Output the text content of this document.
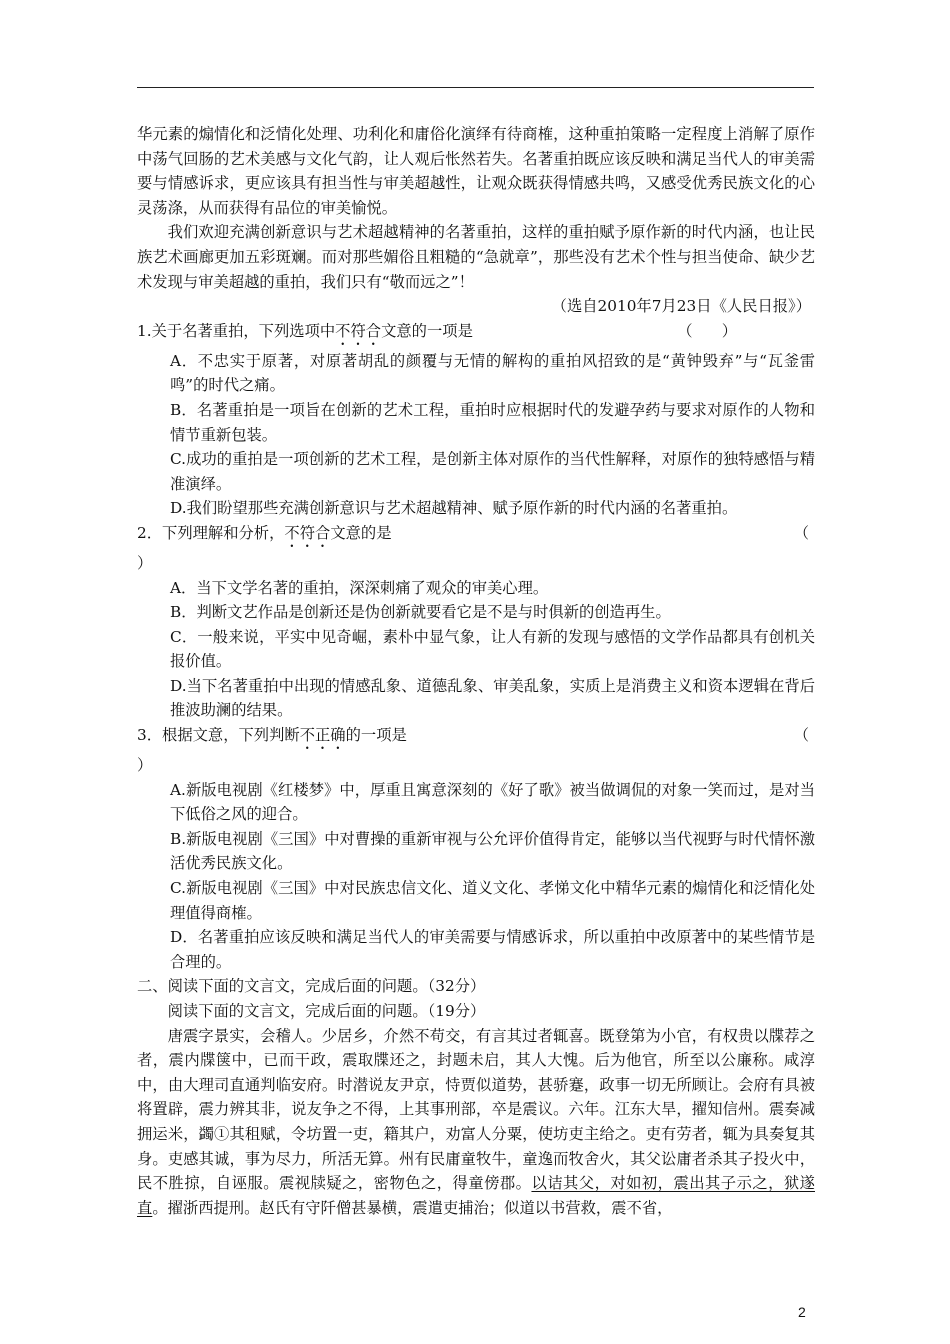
华元素的煽情化和泛情化处理、功利化和庸俗化演绎有待商榷，这种重拍策略一定程度上消解了原作中荡气回肠的艺术美感与文化气韵，让人观后怅然若失。名著重拍既应该反映和满足当代人的审美需要与情感诉求，更应该具有担当性与审美超越性，让观众既获得情感共鸣，又感受优秀民族文化的心灵荡涤，从而获得有品位的审美愉悦。

我们欢迎充满创新意识与艺术超越精神的名著重拍，这样的重拍赋予原作新的时代内涵，也让民族艺术画廊更加五彩斑斓。而对那些媚俗且粗糙的“急就章”，那些没有艺术个性与担当使命、缺少艺术发现与审美超越的重拍，我们只有“敬而远之”！

（选自2010年7月23日《人民日报》）

1.关于名著重拍，下列选项中不符合文意的一项是	（      ）

A．不忠实于原著，对原著胡乱的颜覆与无情的解构的重拍风招致的是“黄钟毁弃”与“瓦釜雷鸣”的时代之痛。

B．名著重拍是一项旨在创新的艺术工程，重拍时应根据时代的发避孕药与要求对原作的人物和情节重新包装。

C.成功的重拍是一项创新的艺术工程，是创新主体对原作的当代性解释，对原作的独特感悟与精准演绎。

D.我们盼望那些充满创新意识与艺术超越精神、赋予原作新的时代内涵的名著重拍。

2．下列理解和分析，不符合文意的是	（

）

A．当下文学名著的重拍，深深刺痛了观众的审美心理。

B．判断文艺作品是创新还是伪创新就要看它是不是与时俱新的创造再生。

C．一般来说，平实中见奇崛，素朴中显气象，让人有新的发现与感悟的文学作品都具有创机关报价值。

D.当下名著重拍中出现的情感乱象、道德乱象、审美乱象，实质上是消费主义和资本逻辑在背后推波助澜的结果。

3．根据文意，下列判断不正确的一项是	（

）

A.新版电视剧《红楼梦》中，厚重且寓意深刻的《好了歌》被当做调侃的对象一笑而过，是对当下低俗之风的迎合。

B.新版电视剧《三国》中对曹操的重新审视与公允评价值得肯定，能够以当代视野与时代情怀激活优秀民族文化。

C.新版电视剧《三国》中对民族忠信文化、道义文化、孝悌文化中精华元素的煽情化和泛情化处理值得商榷。

D．名著重拍应该反映和满足当代人的审美需要与情感诉求，所以重拍中改原著中的某些情节是合理的。

二、阅读下面的文言文，完成后面的问题。（32分）

阅读下面的文言文，完成后面的问题。（19分）

唐震字景实，会稽人。少居乡，介然不苟交，有言其过者辄喜。既登第为小官，有权贵以牒荐之者，震内牒箧中，已而干政，震取牒还之，封题未启，其人大愧。后为他官，所至以公廉称。咸淳中，由大理司直通判临安府。时潜说友尹京，恃贾似道势，甚骄蹇，政事一切无所顾让。会府有具被将置辟，震力辨其非，说友争之不得，上其事刑部，卒是震议。六年。江东大旱，擢知信州。震奏减拥运米，蠲①其租赋，令坊置一吏，籍其户，劝富人分粟，使坊吏主给之。吏有劳者，辄为具奏复其身。吏感其诚，事为尽力，所活无算。州有民庸童牧牛，童逸而牧舍火，其父讼庸者杀其子投火中，民不胜掠，自诬服。震视牍疑之，密物色之，得童傍郡。以诘其父，对如初，震出其子示之，狱遂直。擢浙西提刑。赵氏有守阡僧甚暴横，震遣吏捕治；似道以书营救，震不省，

2
